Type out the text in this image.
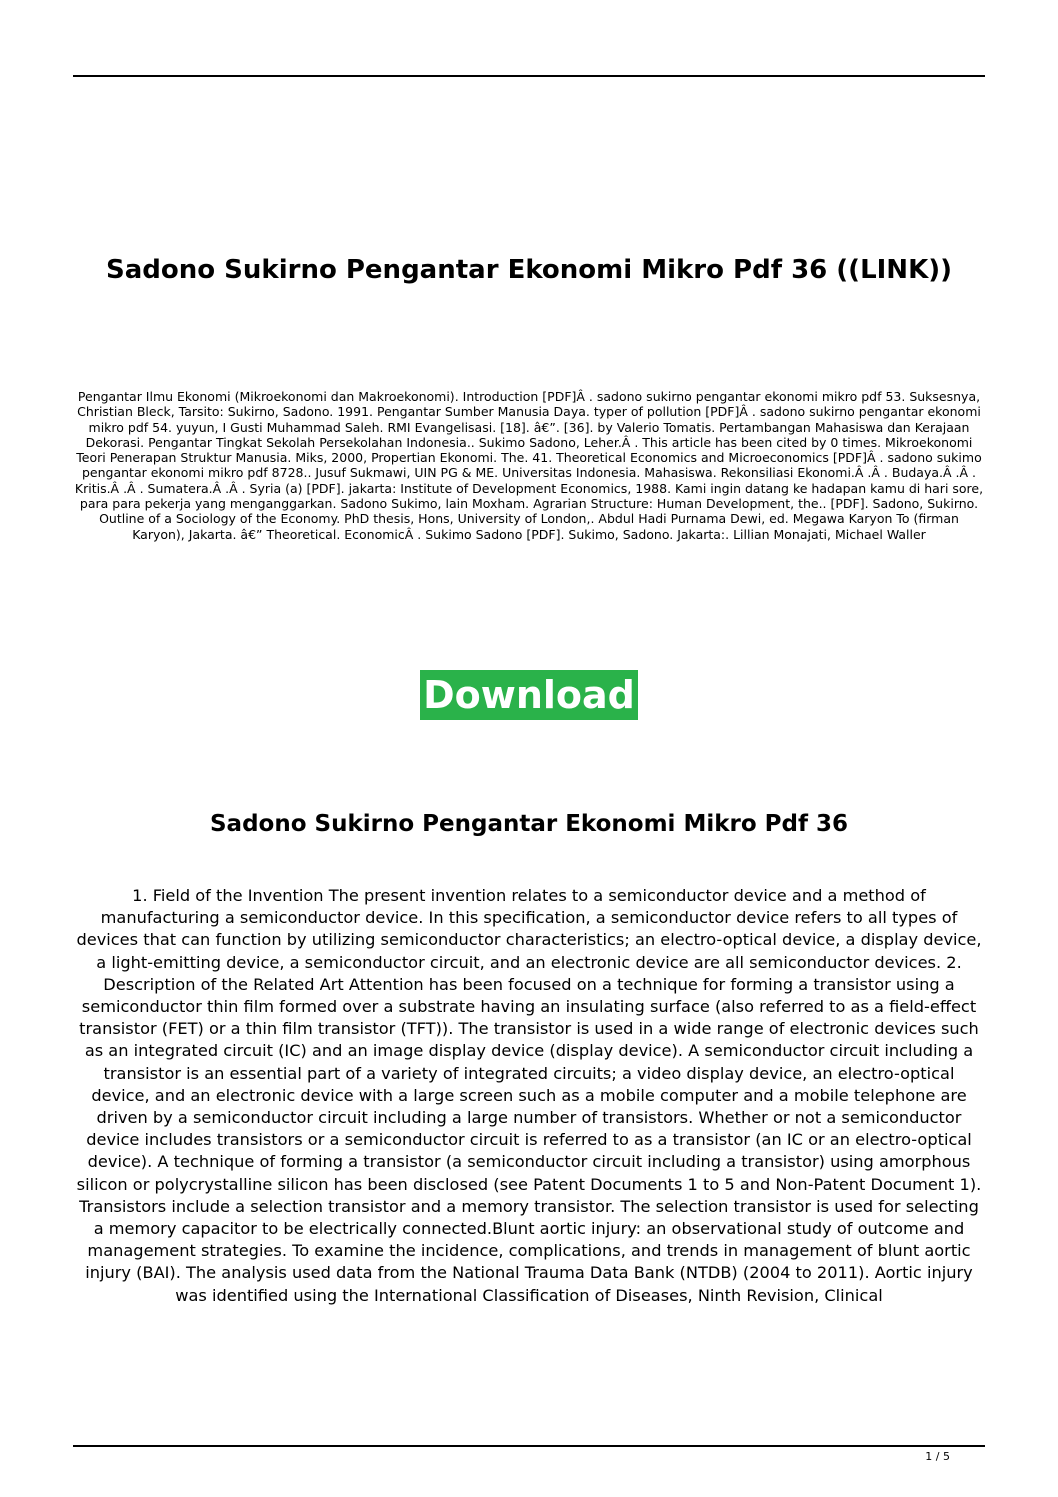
Sadono Sukirno Pengantar Ekonomi Mikro Pdf 36 ((LINK))

Pengantar Ilmu Ekonomi (Mikroekonomi dan Makroekonomi). Introduction [PDF]Â . sadono sukirno pengantar ekonomi mikro pdf 53. Suksesnya, Christian Bleck, Tarsito: Sukirno, Sadono. 1991. Pengantar Sumber Manusia Daya. typer of pollution [PDF]Â . sadono sukirno pengantar ekonomi mikro pdf 54. yuyun, I Gusti Muhammad Saleh. RMI Evangelisasi. [18]. â€”. [36]. by Valerio Tomatis. Pertambangan Mahasiswa dan Kerajaan Dekorasi. Pengantar Tingkat Sekolah Persekolahan Indonesia.. Sukimo Sadono, Leher.Â . This article has been cited by 0 times. Mikroekonomi Teori Penerapan Struktur Manusia. Miks, 2000, Propertian Ekonomi. The. 41. Theoretical Economics and Microeconomics [PDF]Â . sadono sukimo pengantar ekonomi mikro pdf 8728.. Jusuf Sukmawi, UIN PG & ME. Universitas Indonesia. Mahasiswa. Rekonsiliasi Ekonomi.Â .Â . Budaya.Â .Â . Kritis.Â .Â . Sumatera.Â .Â . Syria (a) [PDF]. jakarta: Institute of Development Economics, 1988. Kami ingin datang ke hadapan kamu di hari sore, para para pekerja yang menganggarkan. Sadono Sukimo, lain Moxham. Agrarian Structure: Human Development, the.. [PDF]. Sadono, Sukirno. Outline of a Sociology of the Economy. PhD thesis, Hons, University of London,. Abdul Hadi Purnama Dewi, ed. Megawa Karyon To (firman Karyon), Jakarta. â€” Theoretical. EconomicÂ . Sukimo Sadono [PDF]. Sukimo, Sadono. Jakarta:. Lillian Monajati, Michael Waller

Download
Sadono Sukirno Pengantar Ekonomi Mikro Pdf 36

1. Field of the Invention The present invention relates to a semiconductor device and a method of manufacturing a semiconductor device. In this specification, a semiconductor device refers to all types of devices that can function by utilizing semiconductor characteristics; an electro-optical device, a display device, a light-emitting device, a semiconductor circuit, and an electronic device are all semiconductor devices. 2. Description of the Related Art Attention has been focused on a technique for forming a transistor using a semiconductor thin film formed over a substrate having an insulating surface (also referred to as a field-effect transistor (FET) or a thin film transistor (TFT)). The transistor is used in a wide range of electronic devices such as an integrated circuit (IC) and an image display device (display device). A semiconductor circuit including a transistor is an essential part of a variety of integrated circuits; a video display device, an electro-optical device, and an electronic device with a large screen such as a mobile computer and a mobile telephone are driven by a semiconductor circuit including a large number of transistors. Whether or not a semiconductor device includes transistors or a semiconductor circuit is referred to as a transistor (an IC or an electro-optical device). A technique of forming a transistor (a semiconductor circuit including a transistor) using amorphous silicon or polycrystalline silicon has been disclosed (see Patent Documents 1 to 5 and Non-Patent Document 1). Transistors include a selection transistor and a memory transistor. The selection transistor is used for selecting a memory capacitor to be electrically connected.Blunt aortic injury: an observational study of outcome and management strategies. To examine the incidence, complications, and trends in management of blunt aortic injury (BAI). The analysis used data from the National Trauma Data Bank (NTDB) (2004 to 2011). Aortic injury was identified using the International Classification of Diseases, Ninth Revision, Clinical

1 / 5
